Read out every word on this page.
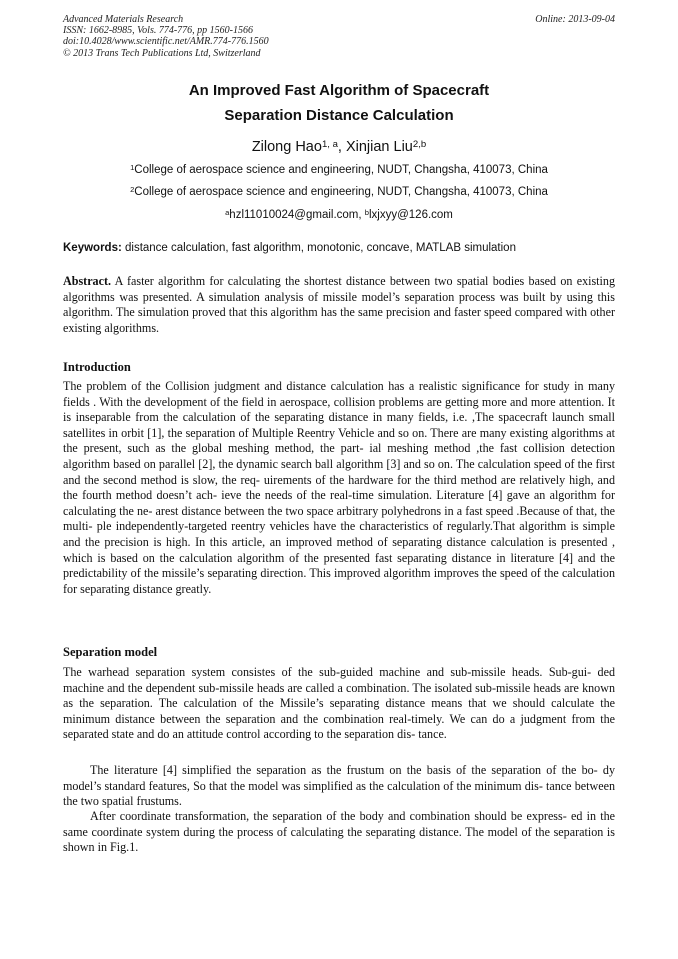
Advanced Materials Research
ISSN: 1662-8985, Vols. 774-776, pp 1560-1566
doi:10.4028/www.scientific.net/AMR.774-776.1560
© 2013 Trans Tech Publications Ltd, Switzerland
Online: 2013-09-04
An Improved Fast Algorithm of Spacecraft
Separation Distance Calculation
Zilong Hao$^{1, a}$, Xinjian Liu$^{2,b}$
$^1$College of aerospace science and engineering, NUDT, Changsha, 410073, China
$^2$College of aerospace science and engineering, NUDT, Changsha, 410073, China
$^a$hzl11010024@gmail.com, $^b$lxjxyy@126.com
Keywords: distance calculation, fast algorithm, monotonic, concave, MATLAB simulation
Abstract. A faster algorithm for calculating the shortest distance between two spatial bodies based on existing algorithms was presented. A simulation analysis of missile model’s separation process was built by using this algorithm. The simulation proved that this algorithm has the same precision and faster speed compared with other existing algorithms.
Introduction
The problem of the Collision judgment and distance calculation has a realistic significance for study in many fields . With the development of the field in aerospace, collision problems are getting more and more attention. It is inseparable from the calculation of the separating distance in many fields, i.e. ,The spacecraft launch small satellites in orbit [1], the separation of Multiple Reentry Vehicle and so on. There are many existing algorithms at the present, such as the global meshing method, the part- ial meshing method ,the fast collision detection algorithm based on parallel [2], the dynamic search ball algorithm [3] and so on. The calculation speed of the first and the second method is slow, the req- uirements of the hardware for the third method are relatively high, and the fourth method doesn’t ach- ieve the needs of the real-time simulation. Literature [4] gave an algorithm for calculating the ne- arest distance between the two space arbitrary polyhedrons in a fast speed .Because of that, the multi- ple independently-targeted reentry vehicles have the characteristics of regularly.That algorithm is simple and the precision is high. In this article, an improved method of separating distance calculation is presented , which is based on the calculation algorithm of the presented fast separating distance in literature [4] and the predictability of the missile’s separating direction. This improved algorithm improves the speed of the calculation for separating distance greatly.
Separation model
The warhead separation system consistes of the sub-guided machine and sub-missile heads. Sub-gui- ded machine and the dependent sub-missile heads are called a combination. The isolated sub-missile heads are known as the separation. The calculation of the Missile’s separating distance means that we should calculate the minimum distance between the separation and the combination real-timely. We can do a judgment from the separated state and do an attitude control according to the separation dis- tance.
The literature [4] simplified the separation as the frustum on the basis of the separation of the bo- dy model’s standard features, So that the model was simplified as the calculation of the minimum dis- tance between the two spatial frustums.
After coordinate transformation, the separation of the body and combination should be express- ed in the same coordinate system during the process of calculating the separating distance. The model of the separation is shown in Fig.1.
